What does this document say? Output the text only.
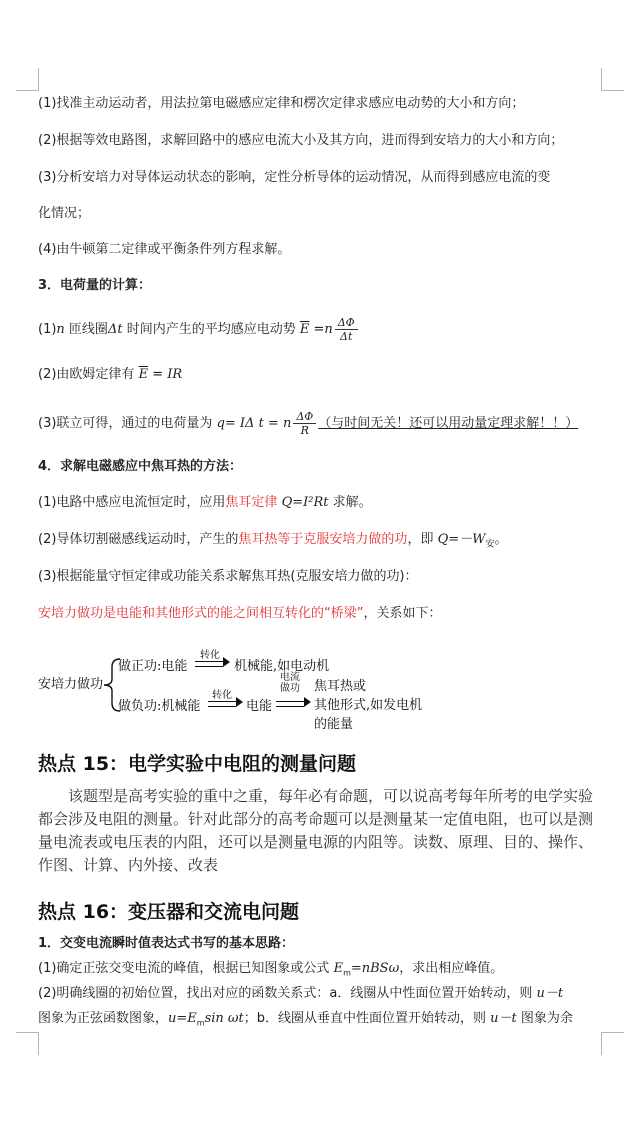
(1)找准主动运动者，用法拉第电磁感应定律和楞次定律求感应电动势的大小和方向；
(2)根据等效电路图，求解回路中的感应电流大小及其方向，进而得到安培力的大小和方向；
(3)分析安培力对导体运动状态的影响，定性分析导体的运动情况，从而得到感应电流的变
化情况；
(4)由牛顿第二定律或平衡条件列方程求解。
3．电荷量的计算：
(1)n 匝线圈Δt 时间内产生的平均感应电动势 $\overline{E} =n \frac{\Delta\Phi}{\Delta t}$
(2)由欧姆定律有 $\overline{E}$ = IR
(3)联立可得，通过的电荷量为 q= IΔ t = n $\frac{\Delta\Phi}{R}$ （与时间无关！还可以用动量定理求解！！）
4．求解电磁感应中焦耳热的方法：
(1)电路中感应电流恒定时，应用焦耳定律 Q=I²Rt 求解。
(2)导体切割磁感线运动时，产生的焦耳热等于克服安培力做的功，即 $Q=-W_安$。
(3)根据能量守恒定律或功能关系求解焦耳热(克服安培力做的功)：
安培力做功是电能和其他形式的能之间相互转化的“桥梁”，关系如下：
安培力做功
做正功:电能
转化
机械能,如电动机
做负功:机械能
转化
电能
电流
做功 焦耳热或
其他形式,如发电机
的能量
热点 15：电学实验中电阻的测量问题
该题型是高考实验的重中之重，每年必有命题，可以说高考每年所考的电学实验都会涉及电阻的测量。针对此部分的高考命题可以是测量某一定值电阻，也可以是测量电流表或电压表的内阻，还可以是测量电源的内阻等。读数、原理、目的、操作、作图、计算、内外接、改表
热点 16：变压器和交流电问题
1．交变电流瞬时值表达式书写的基本思路：
(1)确定正弦交变电流的峰值，根据已知图象或公式 $E_m=nBS\omega$，求出相应峰值。
(2)明确线圈的初始位置，找出对应的函数关系式：a．线圈从中性面位置开始转动，则 u－t
图象为正弦函数图象，$u=E_m\sin$ ωt；b．线圈从垂直中性面位置开始转动，则 u－t 图象为余
